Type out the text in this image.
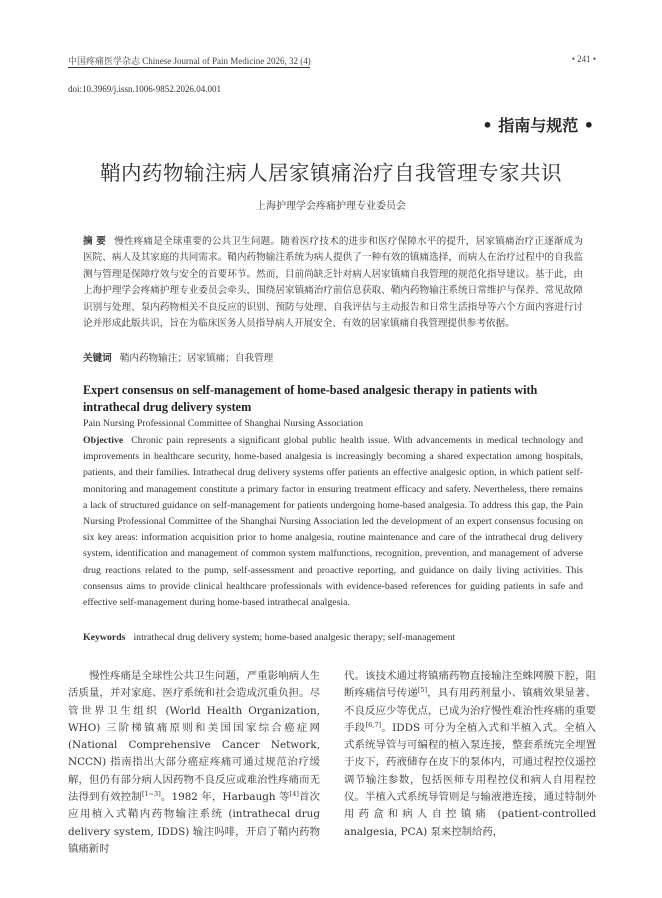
中国疼痛医学杂志 Chinese Journal of Pain Medicine 2026, 32 (4)	• 241 •
doi:10.3969/j.issn.1006-9852.2026.04.001
• 指南与规范 •
鞘内药物输注病人居家镇痛治疗自我管理专家共识
上海护理学会疼痛护理专业委员会
摘 要 慢性疼痛是全球重要的公共卫生问题。随着医疗技术的进步和医疗保障水平的提升，居家镇痛治疗正逐渐成为医院、病人及其家庭的共同需求。鞘内药物输注系统为病人提供了一种有效的镇痛选择，而病人在治疗过程中的自我监测与管理是保障疗效与安全的首要环节。然而，目前尚缺乏针对病人居家镇痛自我管理的规范化指导建议。基于此，由上海护理学会疼痛护理专业委员会牵头，围绕居家镇痛治疗前信息获取、鞘内药物输注系统日常维护与保养、常见故障识别与处理、泵内药物相关不良反应的识别、预防与处理、自我评估与主动报告和日常生活指导等六个方面内容进行讨论并形成此版共识，旨在为临床医务人员指导病人开展安全、有效的居家镇痛自我管理提供参考依据。
关键词 鞘内药物输注；居家镇痛；自我管理
Expert consensus on self-management of home-based analgesic therapy in patients with intrathecal drug delivery system
Pain Nursing Professional Committee of Shanghai Nursing Association
Objective Chronic pain represents a significant global public health issue. With advancements in medical technology and improvements in healthcare security, home-based analgesia is increasingly becoming a shared expectation among hospitals, patients, and their families. Intrathecal drug delivery systems offer patients an effective analgesic option, in which patient self-monitoring and management constitute a primary factor in ensuring treatment efficacy and safety. Nevertheless, there remains a lack of structured guidance on self-management for patients undergoing home-based analgesia. To address this gap, the Pain Nursing Professional Committee of the Shanghai Nursing Association led the development of an expert consensus focusing on six key areas: information acquisition prior to home analgesia, routine maintenance and care of the intrathecal drug delivery system, identification and management of common system malfunctions, recognition, prevention, and management of adverse drug reactions related to the pump, self-assessment and proactive reporting, and guidance on daily living activities. This consensus aims to provide clinical healthcare professionals with evidence-based references for guiding patients in safe and effective self-management during home-based intrathecal analgesia.
Keywords intrathecal drug delivery system; home-based analgesic therapy; self-management
慢性疼痛是全球性公共卫生问题，严重影响病人生活质量，并对家庭、医疗系统和社会造成沉重负担。尽管世界卫生组织 (World Health Organization, WHO) 三阶梯镇痛原则和美国国家综合癌症网 (National Comprehensive Cancer Network, NCCN) 指南指出大部分癌症疼痛可通过规范治疗缓解，但仍有部分病人因药物不良反应或难治性疼痛而无法得到有效控制[1~3]。1982 年，Harbaugh 等[4]首次应用植入式鞘内药物输注系统 (intrathecal drug delivery system, IDDS) 输注吗啡，开启了鞘内药物镇痛新时
代。该技术通过将镇痛药物直接输注至蛛网膜下腔，阻断疼痛信号传递[5]，具有用药剂量小、镇痛效果显著、不良反应少等优点，已成为治疗慢性难治性疼痛的重要手段[6,7]。IDDS 可分为全植入式和半植入式。全植入式系统导管与可编程的植入泵连接，整套系统完全埋置于皮下，药液储存在皮下的泵体内，可通过程控仪遥控调节输注参数，包括医师专用程控仪和病人自用程控仪。半植入式系统导管则是与输液港连接，通过特制外用药盒和病人自控镇痛 (patient-controlled analgesia, PCA) 泵来控制给药，
